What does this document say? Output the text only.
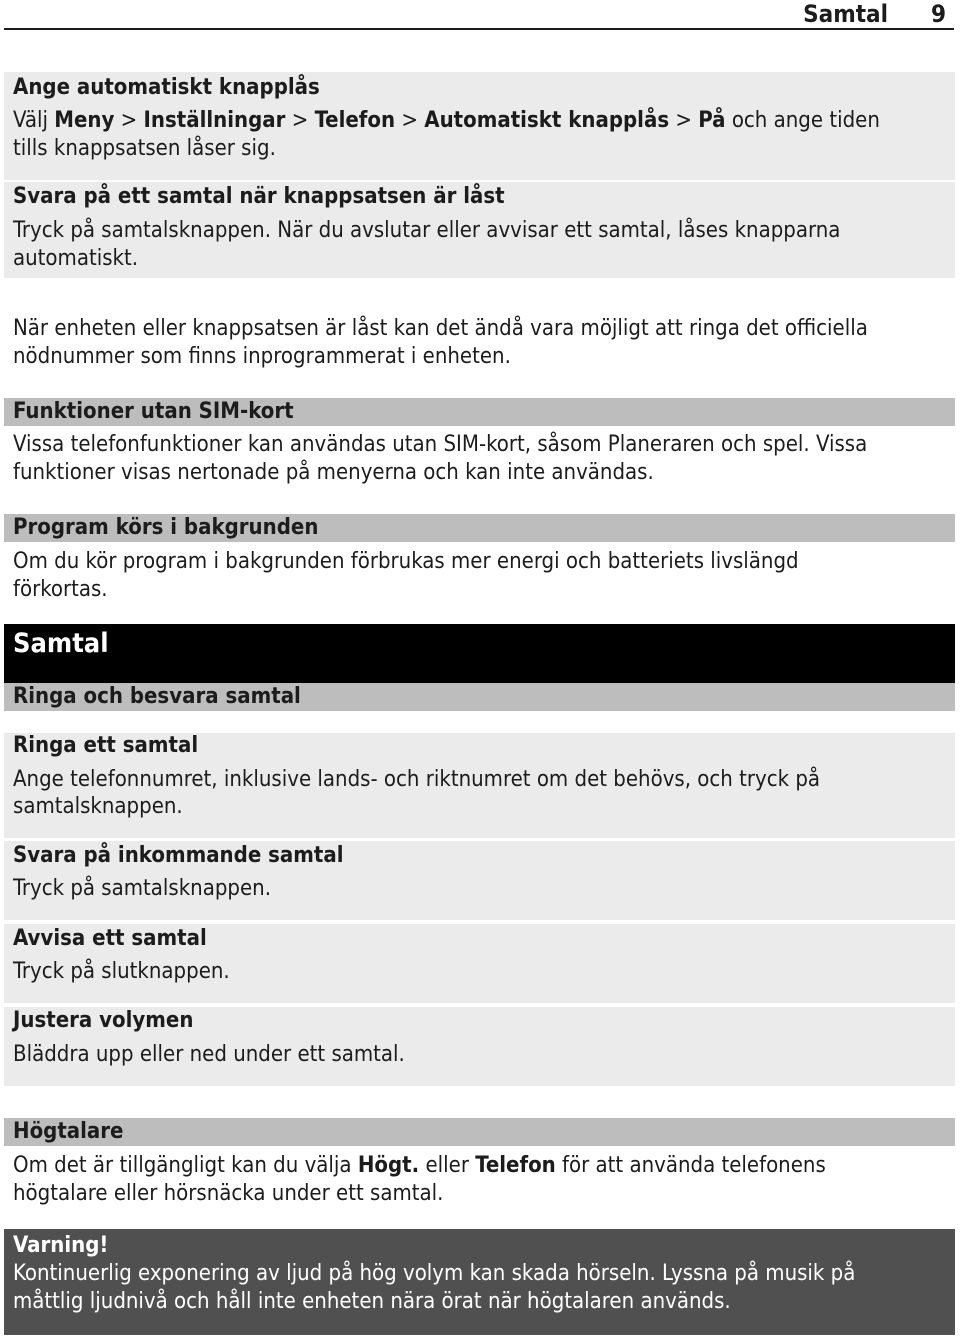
Samtal 9
Ange automatiskt knapplås
Välj Meny > Inställningar > Telefon > Automatiskt knapplås > På och ange tiden
tills knappsatsen låser sig.
Svara på ett samtal när knappsatsen är låst
Tryck på samtalsknappen. När du avslutar eller avvisar ett samtal, låses knapparna
automatiskt.
När enheten eller knappsatsen är låst kan det ändå vara möjligt att ringa det officiella
nödnummer som finns inprogrammerat i enheten.
Funktioner utan SIM-kort
Vissa telefonfunktioner kan användas utan SIM-kort, såsom Planeraren och spel. Vissa
funktioner visas nertonade på menyerna och kan inte användas.
Program körs i bakgrunden
Om du kör program i bakgrunden förbrukas mer energi och batteriets livslängd
förkortas.
Samtal
Ringa och besvara samtal
Ringa ett samtal
Ange telefonnumret, inklusive lands- och riktnumret om det behövs, och tryck på
samtalsknappen.
Svara på inkommande samtal
Tryck på samtalsknappen.
Avvisa ett samtal
Tryck på slutknappen.
Justera volymen
Bläddra upp eller ned under ett samtal.
Högtalare
Om det är tillgängligt kan du välja Högt. eller Telefon för att använda telefonens
högtalare eller hörsnäcka under ett samtal.
Varning!
Kontinuerlig exponering av ljud på hög volym kan skada hörseln. Lyssna på musik på
måttlig ljudnivå och håll inte enheten nära örat när högtalaren används.
